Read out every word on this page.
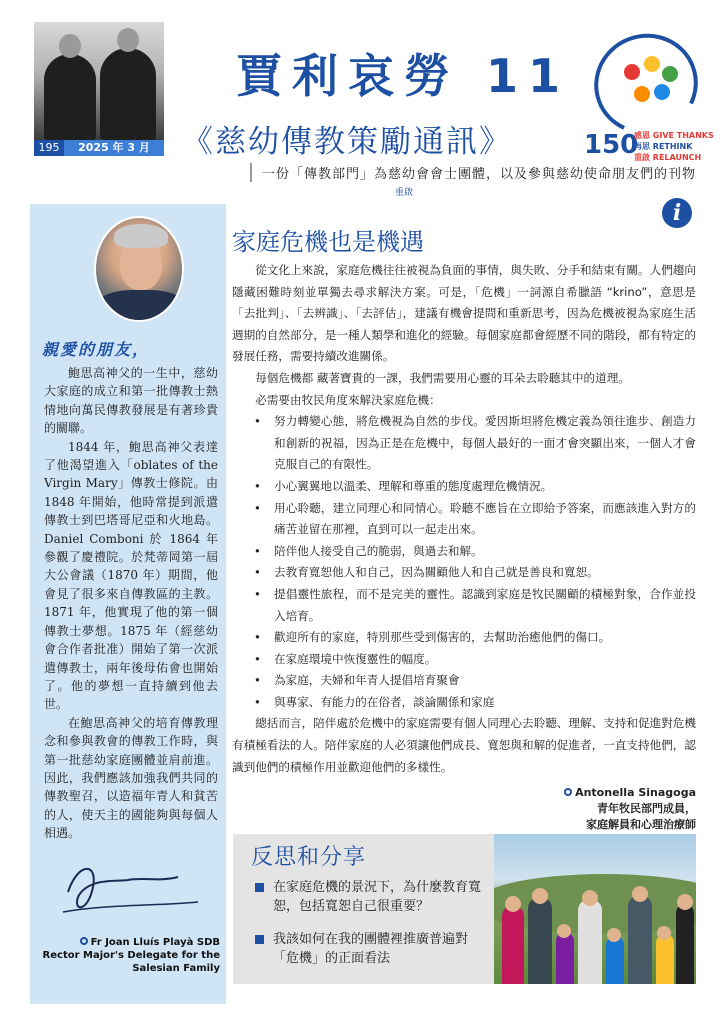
195	2025 年 3 月
賈利哀勞 11
《慈幼傳教策勵通訊》
一份「傳教部門」為慈幼會會士團體，以及參與慈幼使命朋友們的刊物
重啟
150
感恩 GIVE THANKS
再思 RETHINK
重啟 RELAUNCH
親愛的朋友，

鮑思高神父的一生中，慈幼大家庭的成立和第一批傳教士熱情地向萬民傳教發展是有著珍貴的關聯。

1844 年，鮑思高神父表達了他渴望進入「oblates of the Virgin Mary」傳教士修院。由 1848 年開始，他時常提到派遣傳教士到巴塔哥尼亞和火地島。Daniel Comboni 於 1864 年參觀了慶禮院。於梵蒂岡第一屆大公會議（1870 年）期間，他會見了很多來自傳教區的主教。1871 年，他實現了他的第一個傳教士夢想。1875 年（經慈幼會合作者批准）開始了第一次派遣傳教士，兩年後母佑會也開始了。他的夢想一直持續到他去世。

在鮑思高神父的培育傳教理念和參與教會的傳教工作時，與第一批慈幼家庭團體並肩前進。因此，我們應該加強我們共同的傳教聖召，以造福年青人和貧苦的人，使天主的國能夠與每個人相遇。

Fr Joan Lluís Playà SDB
Rector Major's Delegate for the
Salesian Family
i
家庭危機也是機遇

從文化上來說，家庭危機往往被視為負面的事情，與失敗、分手和結束有關。人們趨向隱藏困難時刻並單獨去尋求解決方案。可是，「危機」一詞源自希臘語 “krino”，意思是「去批判」、「去辨識」、「去評估」，建議有機會提問和重新思考，因為危機被視為家庭生活週期的自然部分，是一種人類學和進化的經驗。每個家庭都會經歷不同的階段，都有特定的發展任務，需要持續改進關係。

每個危機都 藏著寶貴的一課，我們需要用心靈的耳朵去聆聽其中的道理。

必需要由牧民角度來解決家庭危機：

• 努力轉變心態，將危機視為自然的步伐。愛因斯坦將危機定義為領往進步、創造力和創新的祝福，因為正是在危機中，每個人最好的一面才會突顯出來，一個人才會克服自己的有限性。
• 小心翼翼地以溫柔、理解和尊重的態度處理危機情況。
• 用心聆聽，建立同理心和同情心。聆聽不應旨在立即給予答案，而應該進入對方的痛苦並留在那裡，直到可以一起走出來。
• 陪伴他人接受自己的脆弱，與過去和解。
• 去教育寬恕他人和自己，因為關顧他人和自己就是善良和寬恕。
• 提倡靈性旅程，而不是完美的靈性。認識到家庭是牧民關顧的積極對象，合作並投入培育。
• 歡迎所有的家庭，特別那些受到傷害的，去幫助治癒他們的傷口。
• 在家庭環境中恢復靈性的幅度。
• 為家庭，夫婦和年青人提倡培育聚會
• 與專家、有能力的在俗者，談論關係和家庭

總括而言，陪伴處於危機中的家庭需要有個人同理心去聆聽、理解、支持和促進對危機有積極看法的人。陪伴家庭的人必須讓他們成長、寬恕與和解的促進者，一直支持他們，認識到他們的積極作用並歡迎他們的多樣性。

Antonella Sinagoga
青年牧民部門成員，
家庭解員和心理治療師
反思和分享
在家庭危機的景況下，為什麼教育寬恕，包括寬恕自己很重要？
我該如何在我的團體裡推廣普遍對「危機」的正面看法
